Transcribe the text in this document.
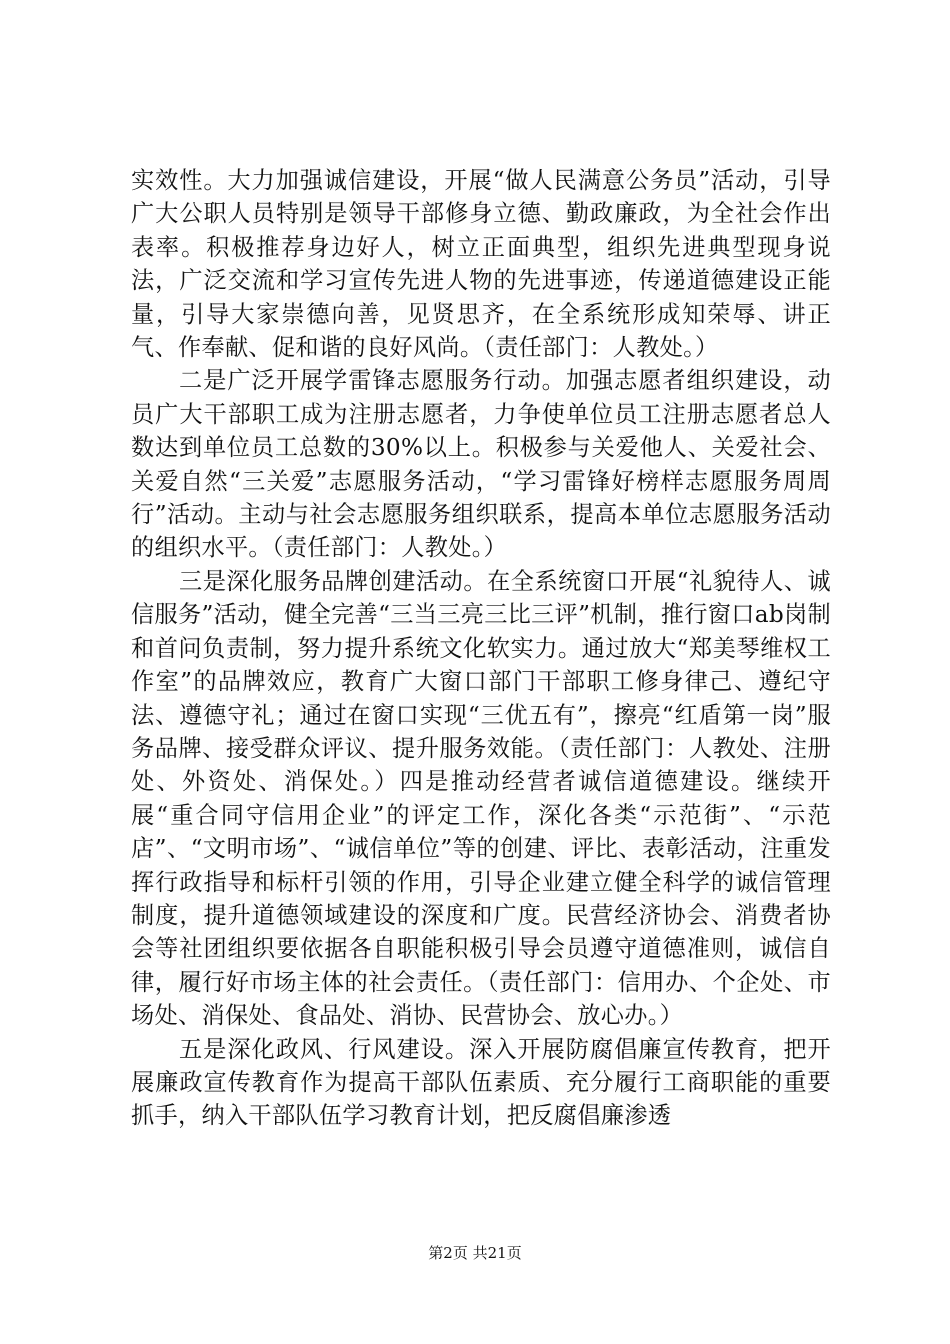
实效性。大力加强诚信建设，开展“做人民满意公务员”活动，引导广大公职人员特别是领导干部修身立德、勤政廉政，为全社会作出表率。积极推荐身边好人，树立正面典型，组织先进典型现身说法，广泛交流和学习宣传先进人物的先进事迹，传递道德建设正能量，引导大家崇德向善，见贤思齐，在全系统形成知荣辱、讲正气、作奉献、促和谐的良好风尚。（责任部门：人教处。）

二是广泛开展学雷锋志愿服务行动。加强志愿者组织建设，动员广大干部职工成为注册志愿者，力争使单位员工注册志愿者总人数达到单位员工总数的30%以上。积极参与关爱他人、关爱社会、关爱自然“三关爱”志愿服务活动，“学习雷锋好榜样志愿服务周周行”活动。主动与社会志愿服务组织联系，提高本单位志愿服务活动的组织水平。（责任部门：人教处。）

三是深化服务品牌创建活动。在全系统窗口开展“礼貌待人、诚信服务”活动，健全完善“三当三亮三比三评”机制，推行窗口ab岗制和首问负责制，努力提升系统文化软实力。通过放大“郑美琴维权工作室”的品牌效应，教育广大窗口部门干部职工修身律己、遵纪守法、遵德守礼；通过在窗口实现“三优五有”，擦亮“红盾第一岗”服务品牌、接受群众评议、提升服务效能。（责任部门：人教处、注册处、外资处、消保处。）四是推动经营者诚信道德建设。继续开展“重合同守信用企业”的评定工作，深化各类“示范街”、“示范店”、“文明市场”、“诚信单位”等的创建、评比、表彰活动，注重发挥行政指导和标杆引领的作用，引导企业建立健全科学的诚信管理制度，提升道德领域建设的深度和广度。民营经济协会、消费者协会等社团组织要依据各自职能积极引导会员遵守道德准则，诚信自律，履行好市场主体的社会责任。（责任部门：信用办、个企处、市场处、消保处、食品处、消协、民营协会、放心办。）

五是深化政风、行风建设。深入开展防腐倡廉宣传教育，把开展廉政宣传教育作为提高干部队伍素质、充分履行工商职能的重要抓手，纳入干部队伍学习教育计划，把反腐倡廉渗透

第2页 共21页
